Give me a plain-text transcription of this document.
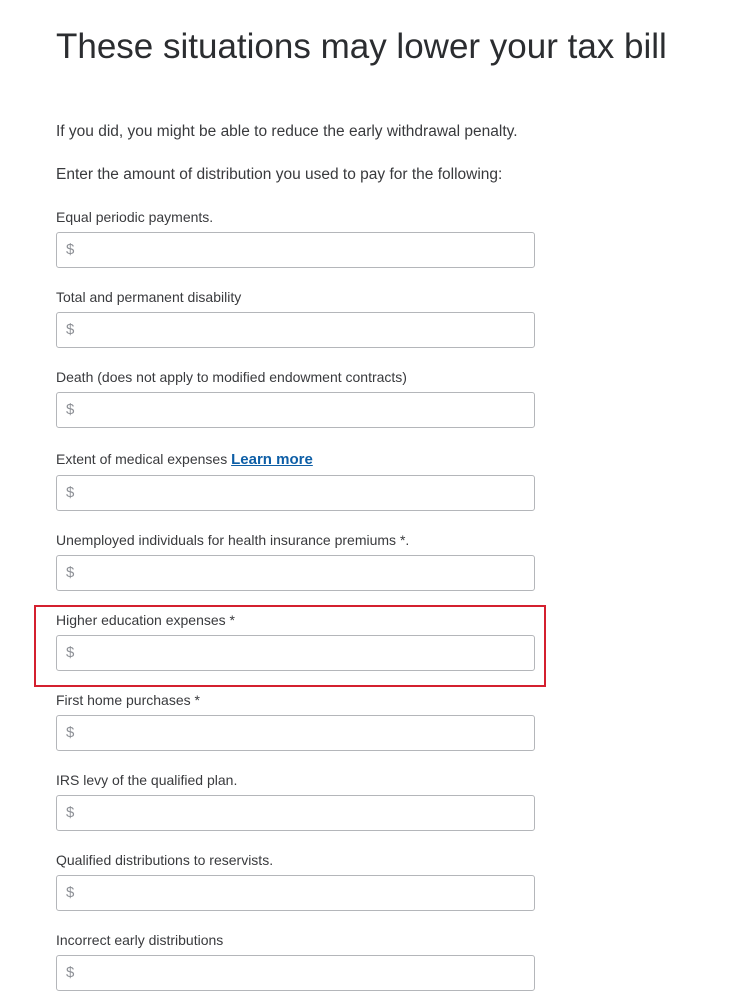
These situations may lower your tax bill

If you did, you might be able to reduce the early withdrawal penalty.

Enter the amount of distribution you used to pay for the following:

Equal periodic payments.
$
Total and permanent disability
$
Death (does not apply to modified endowment contracts)
$
Extent of medical expenses Learn more
$
Unemployed individuals for health insurance premiums *.
$
Higher education expenses *
$
First home purchases *
$
IRS levy of the qualified plan.
$
Qualified distributions to reservists.
$
Incorrect early distributions
$
